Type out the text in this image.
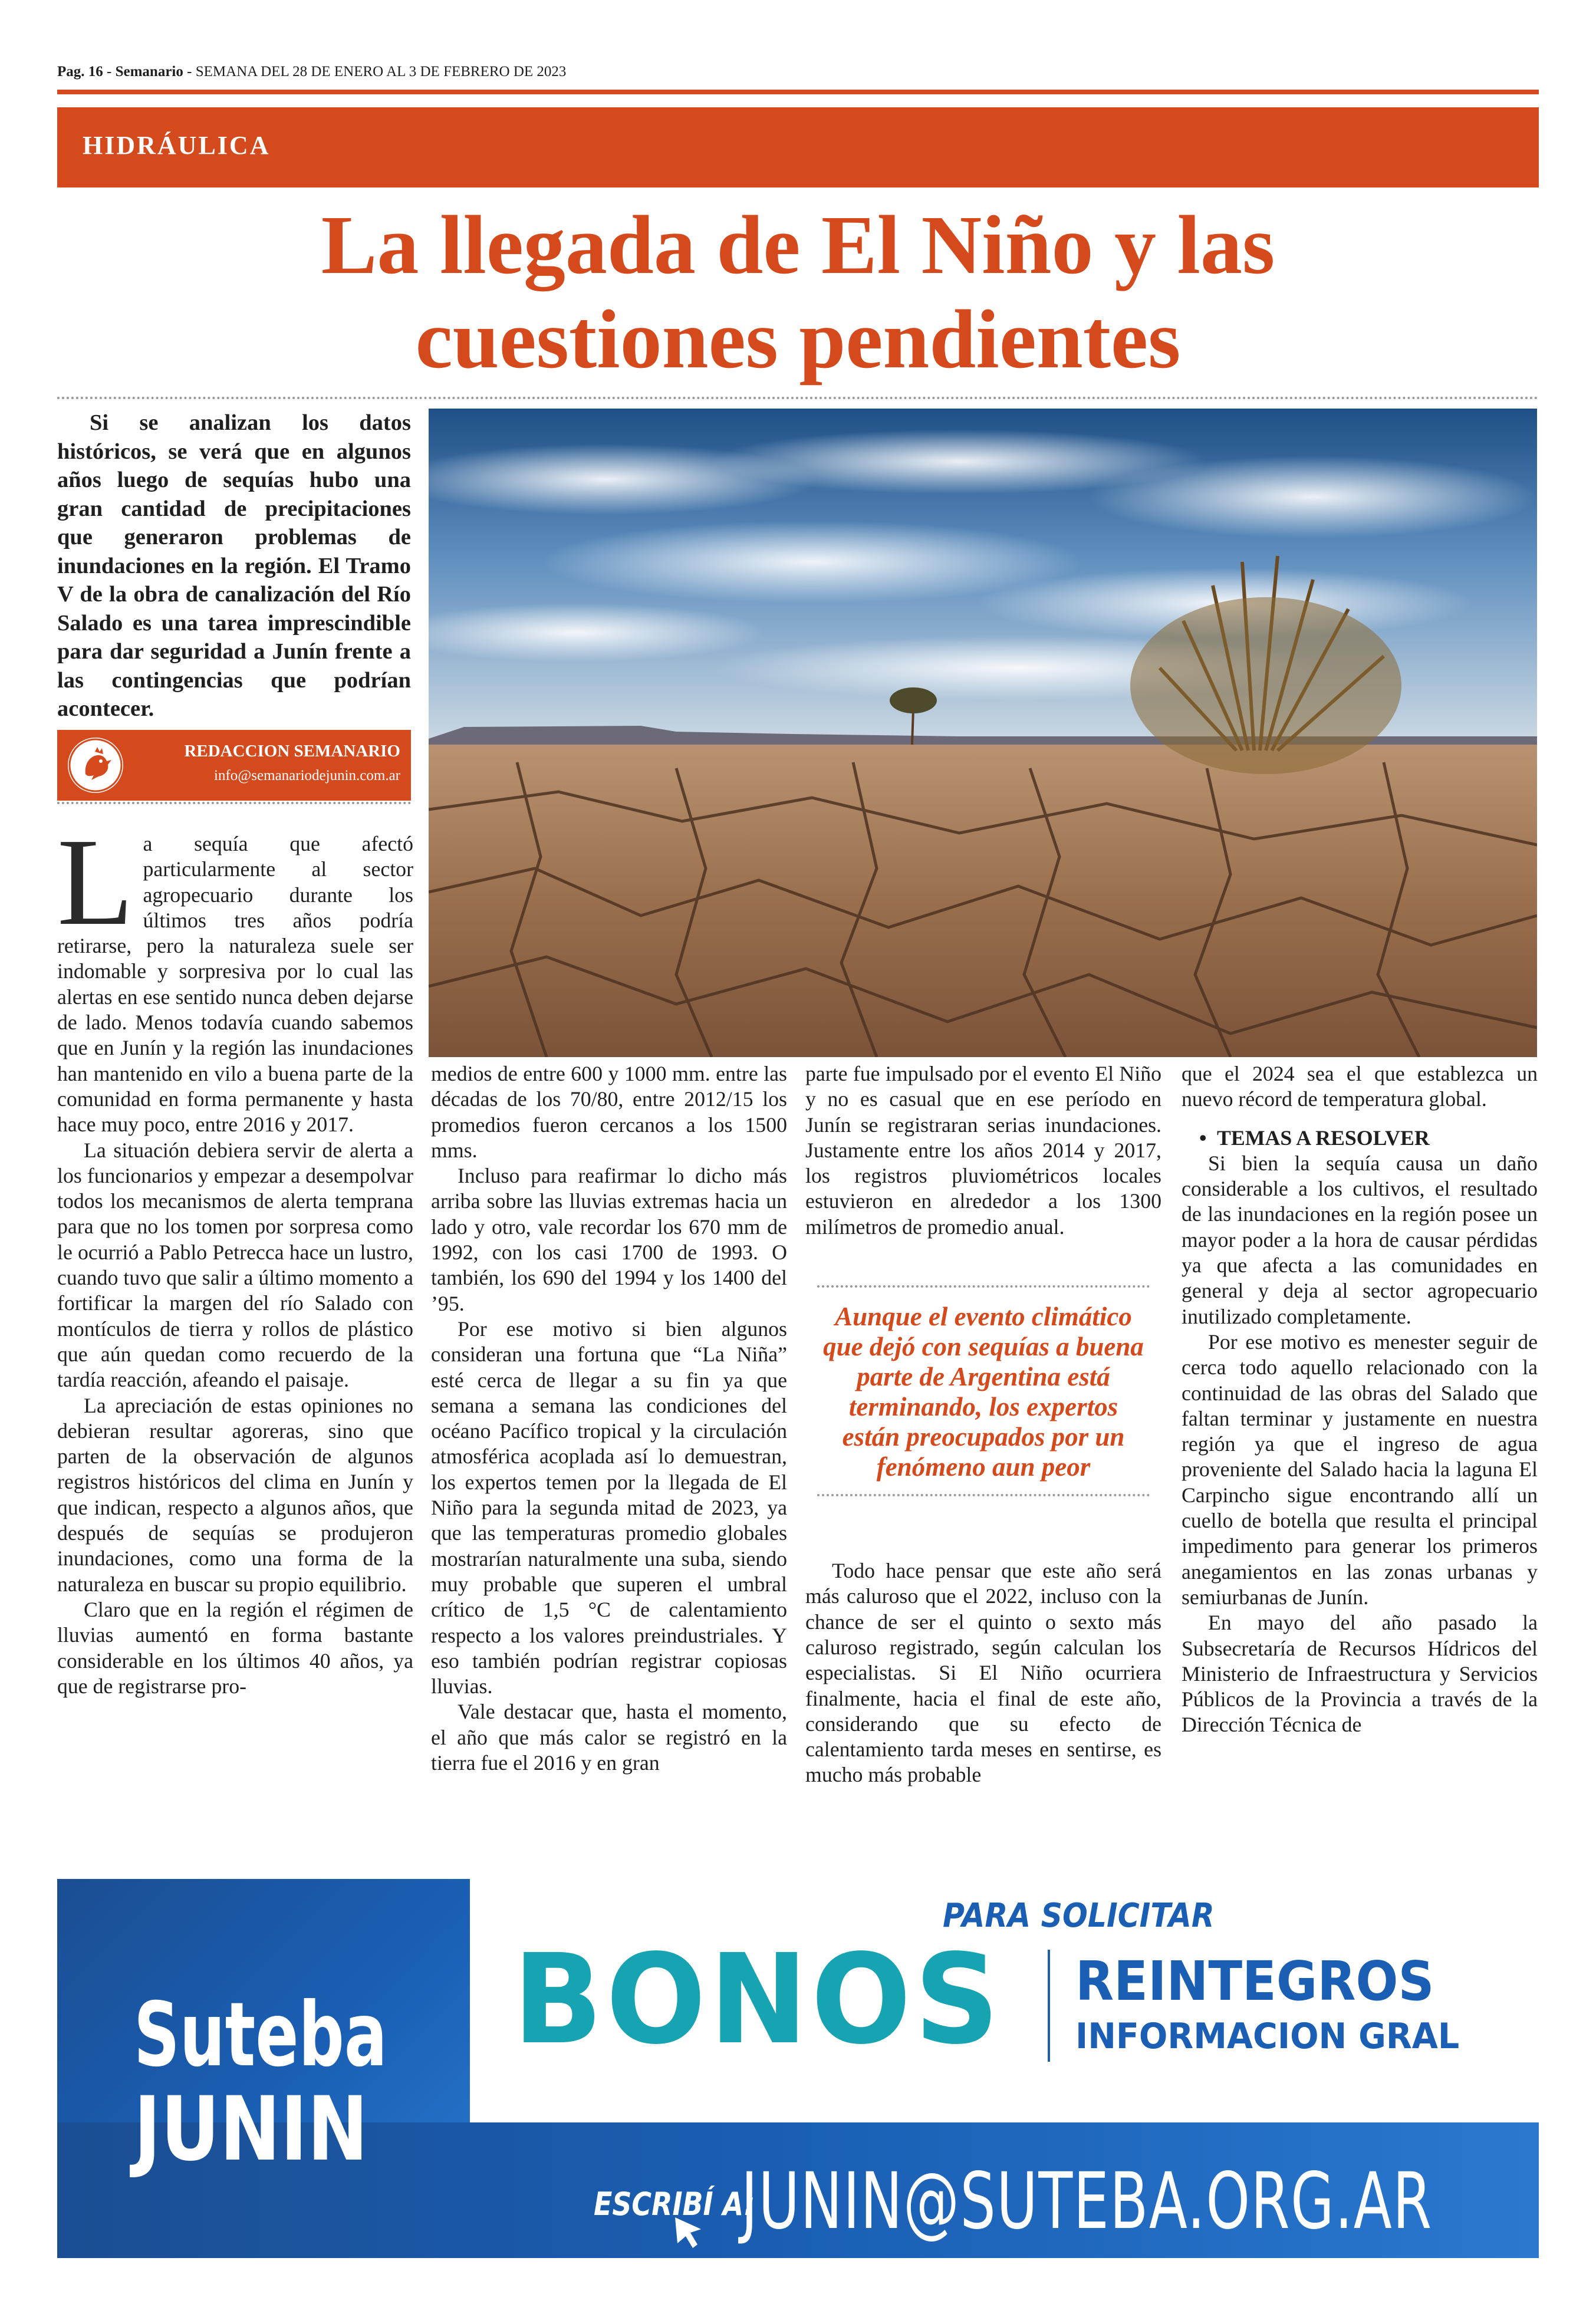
Pag. 16 - Semanario - SEMANA DEL 28 DE ENERO AL 3 DE FEBRERO DE 2023
HIDRÁULICA
La llegada de El Niño y las
cuestiones pendientes

Si se analizan los datos históricos, se verá que en algunos años luego de sequías hubo una gran cantidad de precipitaciones que generaron problemas de inundaciones en la región. El Tramo V de la obra de canalización del Río Salado es una tarea imprescindible para dar seguridad a Junín frente a las contingencias que podrían acontecer.

REDACCION SEMANARIO
info@semanariodejunin.com.ar

La sequía que afectó particularmente al sector agropecuario durante los últimos tres años podría retirarse, pero la naturaleza suele ser indomable y sorpresiva por lo cual las alertas en ese sentido nunca deben dejarse de lado. Menos todavía cuando sabemos que en Junín y la región las inundaciones han mantenido en vilo a buena parte de la comunidad en forma permanente y hasta hace muy poco, entre 2016 y 2017.

La situación debiera servir de alerta a los funcionarios y empezar a desempolvar todos los mecanismos de alerta temprana para que no los tomen por sorpresa como le ocurrió a Pablo Petrecca hace un lustro, cuando tuvo que salir a último momento a fortificar la margen del río Salado con montículos de tierra y rollos de plástico que aún quedan como recuerdo de la tardía reacción, afeando el paisaje.

La apreciación de estas opiniones no debieran resultar agoreras, sino que parten de la observación de algunos registros históricos del clima en Junín y que indican, respecto a algunos años, que después de sequías se produjeron inundaciones, como una forma de la naturaleza en buscar su propio equilibrio.

Claro que en la región el régimen de lluvias aumentó en forma bastante considerable en los últimos 40 años, ya que de registrarse pro-

medios de entre 600 y 1000 mm. entre las décadas de los 70/80, entre 2012/15 los promedios fueron cercanos a los 1500 mms.

Incluso para reafirmar lo dicho más arriba sobre las lluvias extremas hacia un lado y otro, vale recordar los 670 mm de 1992, con los casi 1700 de 1993. O también, los 690 del 1994 y los 1400 del ’95.

Por ese motivo si bien algunos consideran una fortuna que “La Niña” esté cerca de llegar a su fin ya que semana a semana las condiciones del océano Pacífico tropical y la circulación atmosférica acoplada así lo demuestran, los expertos temen por la llegada de El Niño para la segunda mitad de 2023, ya que las temperaturas promedio globales mostrarían naturalmente una suba, siendo muy probable que superen el umbral crítico de 1,5 °C de calentamiento respecto a los valores preindustriales. Y eso también podrían registrar copiosas lluvias.

Vale destacar que, hasta el momento, el año que más calor se registró en la tierra fue el 2016 y en gran

parte fue impulsado por el evento El Niño y no es casual que en ese período en Junín se registraran serias inundaciones. Justamente entre los años 2014 y 2017, los registros pluviométricos locales estuvieron en alrededor a los 1300 milímetros de promedio anual.

Todo hace pensar que este año será más caluroso que el 2022, incluso con la chance de ser el quinto o sexto más caluroso registrado, según calculan los especialistas. Si El Niño ocurriera finalmente, hacia el final de este año, considerando que su efecto de calentamiento tarda meses en sentirse, es mucho más probable

Aunque el evento climático que dejó con sequías a buena parte de Argentina está terminando, los expertos están preocupados por un fenómeno aun peor

que el 2024 sea el que establezca un nuevo récord de temperatura global.

• TEMAS A RESOLVER

Si bien la sequía causa un daño considerable a los cultivos, el resultado de las inundaciones en la región posee un mayor poder a la hora de causar pérdidas ya que afecta a las comunidades en general y deja al sector agropecuario inutilizado completamente.

Por ese motivo es menester seguir de cerca todo aquello relacionado con la continuidad de las obras del Salado que faltan terminar y justamente en nuestra región ya que el ingreso de agua proveniente del Salado hacia la laguna El Carpincho sigue encontrando allí un cuello de botella que resulta el principal impedimento para generar los primeros anegamientos en las zonas urbanas y semiurbanas de Junín.

En mayo del año pasado la Subsecretaría de Recursos Hídricos del Ministerio de Infraestructura y Servicios Públicos de la Provincia a través de la Dirección Técnica de

Suteba
JUNIN
PARA SOLICITAR
BONOS REINTEGROS
INFORMACION GRAL
ESCRIBÍ A:
JUNIN@SUTEBA.ORG.AR
